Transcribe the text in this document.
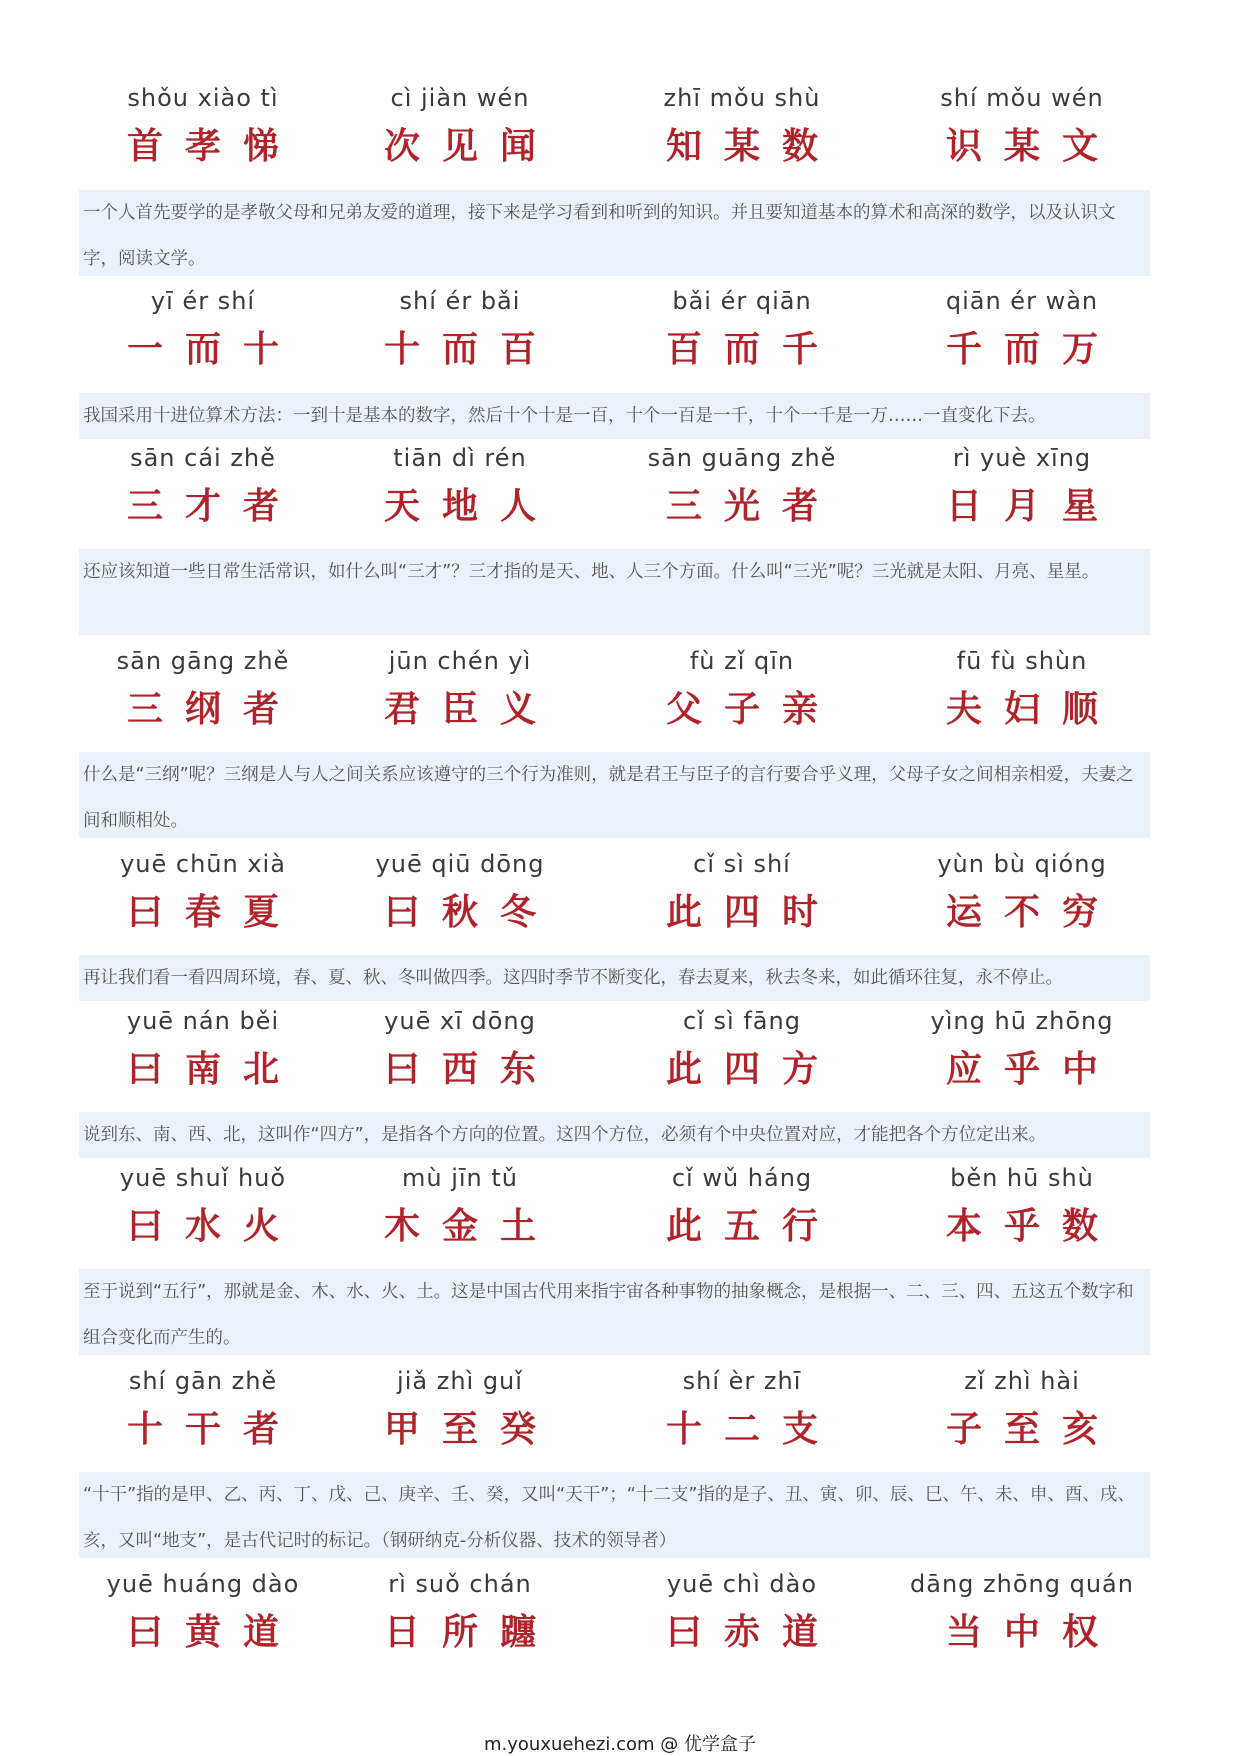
shǒu xiào tì
首孝悌
cì jiàn wén
次见闻
zhī mǒu shù
知某数
shí mǒu wén
识某文
一个人首先要学的是孝敬父母和兄弟友爱的道理，接下来是学习看到和听到的知识。并且要知道基本的算术和高深的数学，以及认识文字，阅读文学。
yī ér shí
一而十
shí ér bǎi
十而百
bǎi ér qiān
百而千
qiān ér wàn
千而万
我国采用十进位算术方法：一到十是基本的数字，然后十个十是一百，十个一百是一千，十个一千是一万……一直变化下去。
sān cái zhě
三才者
tiān dì rén
天地人
sān guāng zhě
三光者
rì yuè xīng
日月星
还应该知道一些日常生活常识，如什么叫“三才”？三才指的是天、地、人三个方面。什么叫“三光”呢？三光就是太阳、月亮、星星。
sān gāng zhě
三纲者
jūn chén yì
君臣义
fù zǐ qīn
父子亲
fū fù shùn
夫妇顺
什么是“三纲”呢？三纲是人与人之间关系应该遵守的三个行为准则，就是君王与臣子的言行要合乎义理，父母子女之间相亲相爱，夫妻之间和顺相处。
yuē chūn xià
曰春夏
yuē qiū dōng
曰秋冬
cǐ sì shí
此四时
yùn bù qióng
运不穷
再让我们看一看四周环境，春、夏、秋、冬叫做四季。这四时季节不断变化，春去夏来，秋去冬来，如此循环往复，永不停止。
yuē nán běi
曰南北
yuē xī dōng
曰西东
cǐ sì fāng
此四方
yìng hū zhōng
应乎中
说到东、南、西、北，这叫作“四方”，是指各个方向的位置。这四个方位，必须有个中央位置对应，才能把各个方位定出来。
yuē shuǐ huǒ
曰水火
mù jīn tǔ
木金土
cǐ wǔ háng
此五行
běn hū shù
本乎数
至于说到“五行”，那就是金、木、水、火、土。这是中国古代用来指宇宙各种事物的抽象概念，是根据一、二、三、四、五这五个数字和组合变化而产生的。
shí gān zhě
十干者
jiǎ zhì guǐ
甲至癸
shí èr zhī
十二支
zǐ zhì hài
子至亥
“十干”指的是甲、乙、丙、丁、戊、己、庚辛、壬、癸，又叫“天干”；“十二支”指的是子、丑、寅、卯、辰、巳、午、未、申、酉、戌、亥，又叫“地支”，是古代记时的标记。（钢研纳克-分析仪器、技术的领导者）
yuē huáng dào
曰黄道
rì suǒ chán
日所躔
yuē chì dào
曰赤道
dāng zhōng quán
当中权
m.youxuehezi.com @ 优学盒子
